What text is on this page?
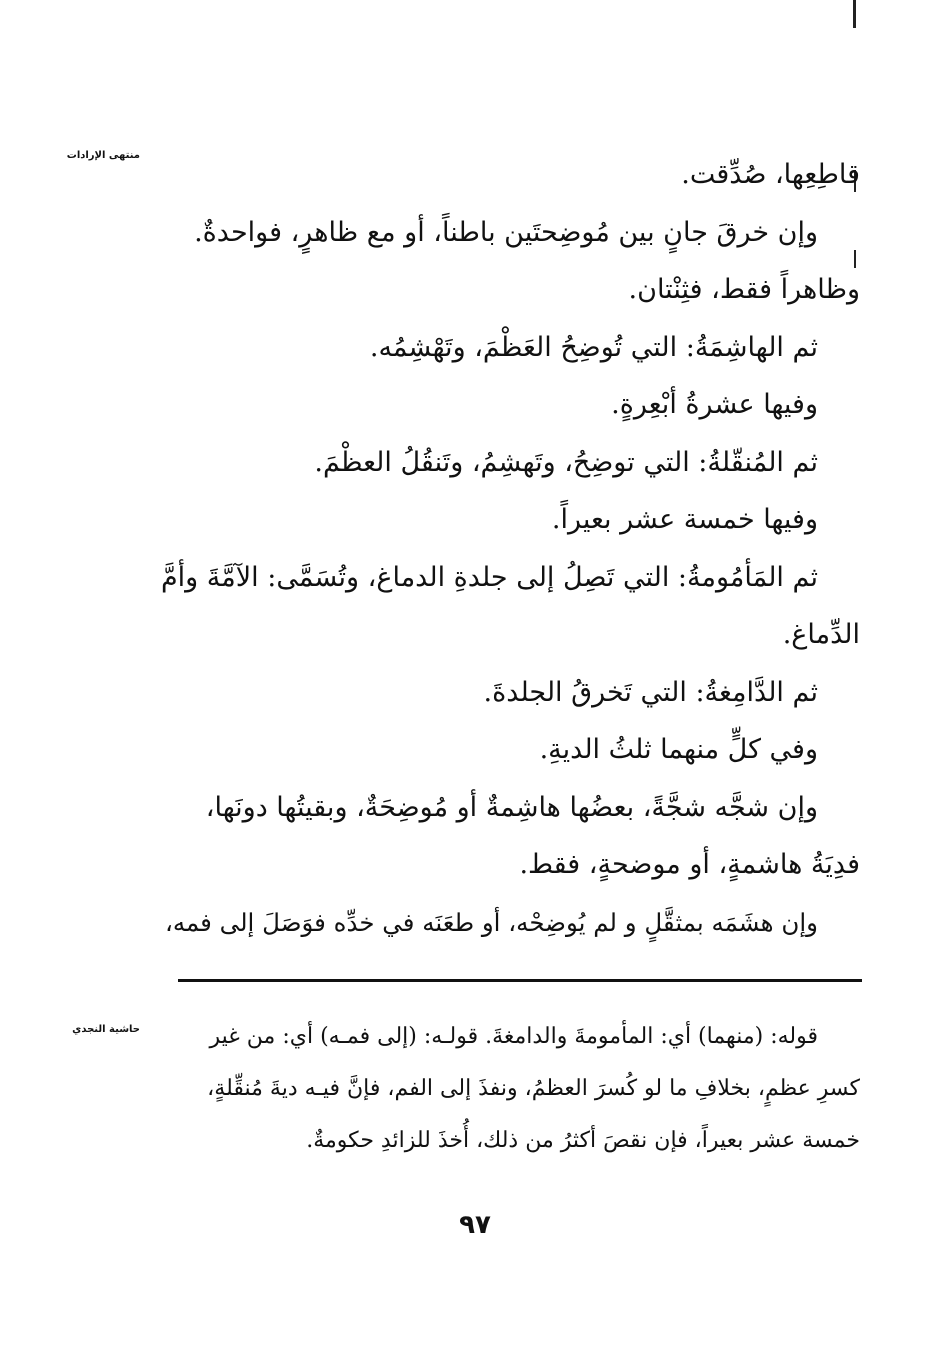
منتهى الإرادات
قاطِعِها، صُدِّقت.
وإن خرقَ جانٍ بين مُوضِحتَين باطناً، أو مع ظاهرٍ، فواحدةٌ.
وظاهراً فقط، فثِنْتان.
ثم الهاشِمَةُ: التي تُوضِحُ العَظْمَ، وتَهْشِمُه.
وفيها عشرةُ أبْعِرةٍ.
ثم المُنقّلةُ: التي توضِحُ، وتَهشِمُ، وتَنقُلُ العظْمَ.
وفيها خمسة عشر بعيراً.
ثم المَأمُومةُ: التي تَصِلُ إلى جلدةِ الدماغ، وتُسَمَّى: الآمَّةَ وأمَّ
الدِّماغ.
ثم الدَّامِغةُ: التي تَخرقُ الجلدةَ.
وفي كلٍّ منهما ثلثُ الديةِ.
وإن شجَّه شجَّةً، بعضُها هاشِمةٌ أو مُوضِحَةٌ، وبقيتُها دونَها،
فدِيَةُ هاشمةٍ، أو موضحةٍ، فقط.
وإن هشَمَه بمثقَّلٍ و لم يُوضِحْه، أو طعَنَه في خدِّه فوَصَلَ إلى فمه،
حاشية النجدي	قوله: (منهما) أي: المأمومةَ والدامغةَ. قولـه: (إلى فمـه) أي: من غير
كسرِ عظمٍ، بخلافِ ما لو كُسرَ العظمُ، ونفذَ إلى الفم، فإنَّ فيـه ديةَ مُنقِّلةٍ،
خمسة عشر بعيراً، فإن نقصَ أكثرُ من ذلك، أُخذَ للزائدِ حكومةٌ.
٩٧
